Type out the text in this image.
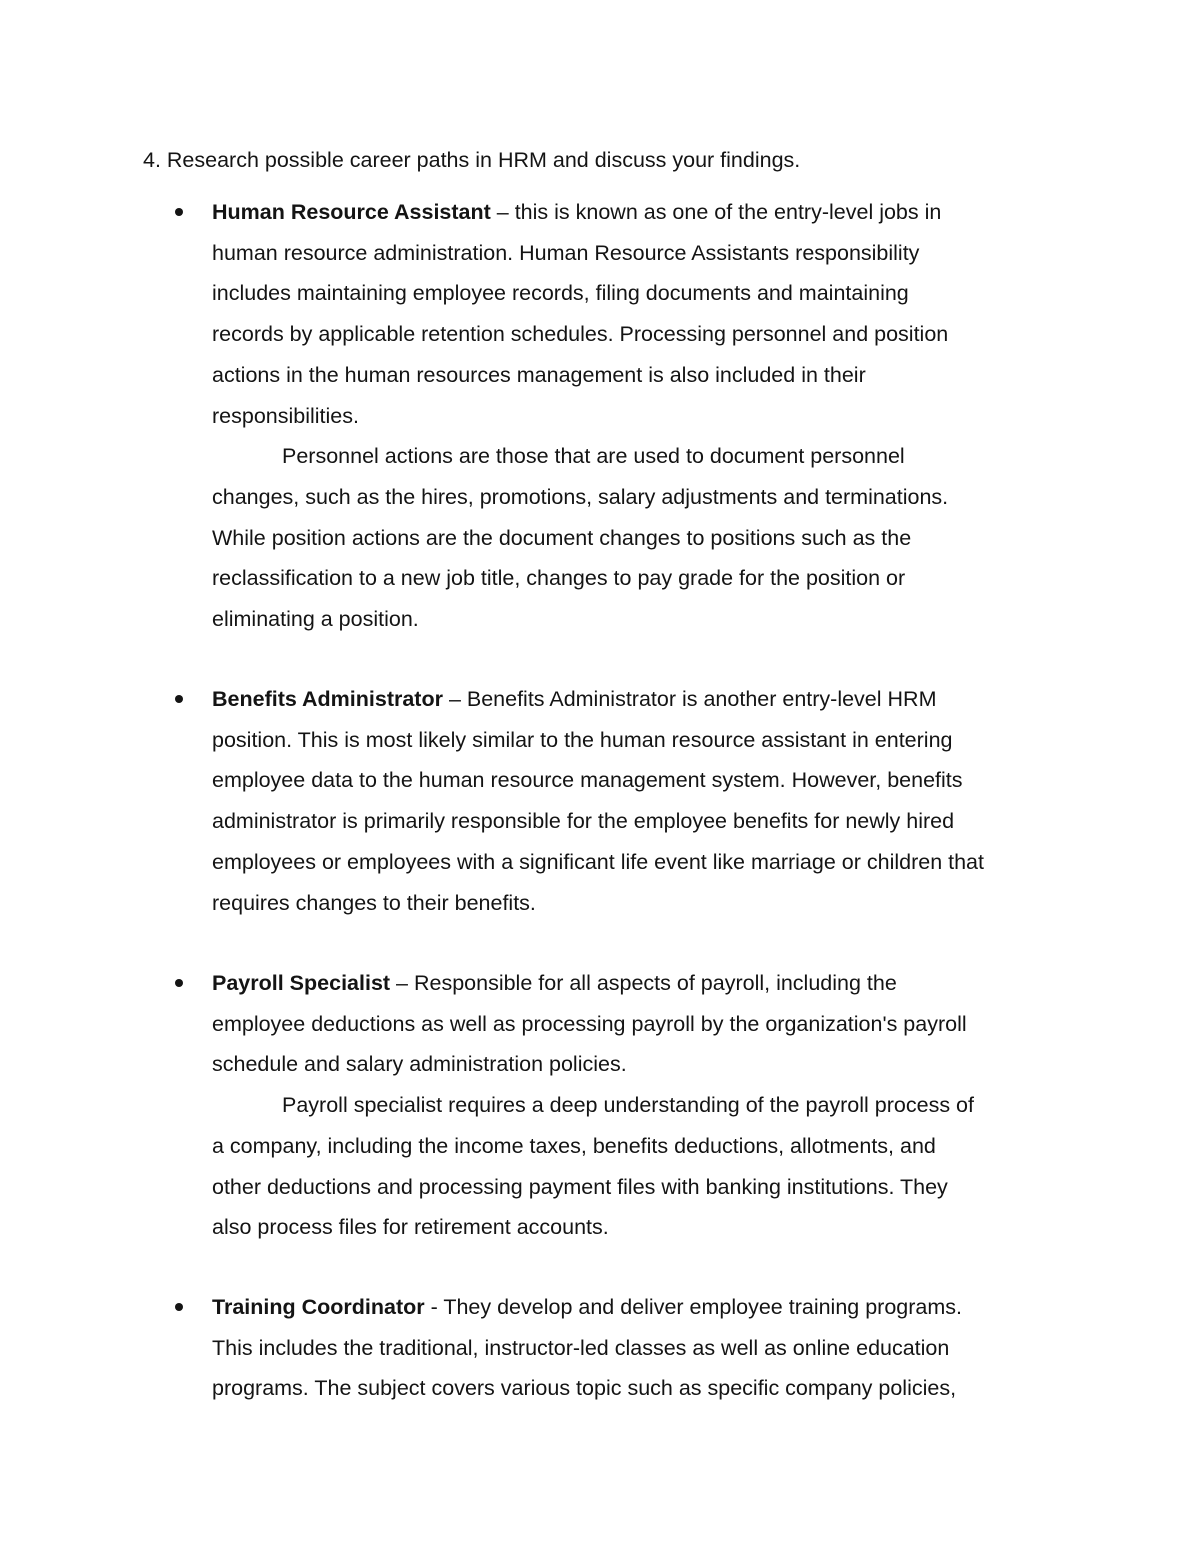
4. Research possible career paths in HRM and discuss your findings.

Human Resource Assistant – this is known as one of the entry-level jobs in
human resource administration. Human Resource Assistants responsibility
includes maintaining employee records, filing documents and maintaining
records by applicable retention schedules. Processing personnel and position
actions in the human resources management is also included in their
responsibilities.

Personnel actions are those that are used to document personnel
changes, such as the hires, promotions, salary adjustments and terminations.
While position actions are the document changes to positions such as the
reclassification to a new job title, changes to pay grade for the position or
eliminating a position.

Benefits Administrator – Benefits Administrator is another entry-level HRM
position. This is most likely similar to the human resource assistant in entering
employee data to the human resource management system. However, benefits
administrator is primarily responsible for the employee benefits for newly hired
employees or employees with a significant life event like marriage or children that
requires changes to their benefits.

Payroll Specialist – Responsible for all aspects of payroll, including the
employee deductions as well as processing payroll by the organization's payroll
schedule and salary administration policies.

Payroll specialist requires a deep understanding of the payroll process of
a company, including the income taxes, benefits deductions, allotments, and
other deductions and processing payment files with banking institutions. They
also process files for retirement accounts.

Training Coordinator - They develop and deliver employee training programs.
This includes the traditional, instructor-led classes as well as online education
programs. The subject covers various topic such as specific company policies,
